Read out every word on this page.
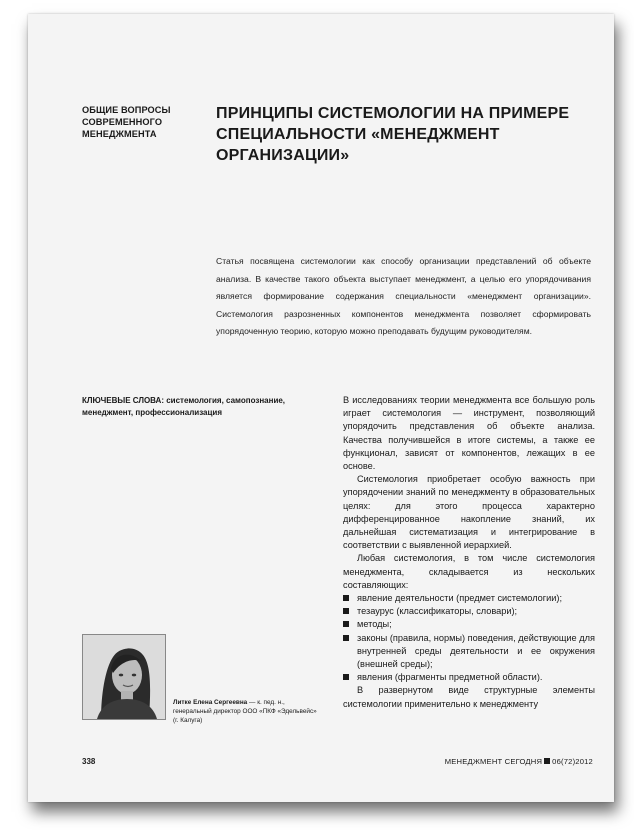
ОБЩИЕ ВОПРОСЫ СОВРЕМЕННОГО МЕНЕДЖМЕНТА
ПРИНЦИПЫ СИСТЕМОЛОГИИ НА ПРИМЕРЕ СПЕЦИАЛЬНОСТИ «МЕНЕДЖМЕНТ ОРГАНИЗАЦИИ»
Статья посвящена системологии как способу организации представлений об объекте анализа. В качестве такого объекта выступает менеджмент, а целью его упорядочивания является формирование содержания специальности «менеджмент организации». Системология разрозненных компонентов менеджмента позволяет сформировать упорядоченную теорию, которую можно преподавать будущим руководителям.
КЛЮЧЕВЫЕ СЛОВА: системология, самопознание, менеджмент, профессионализация

В исследованиях теории менеджмента все большую роль играет системология — инструмент, позволяющий упорядочить представления об объекте анализа. Качества получившейся в итоге системы, а также ее функционал, зависят от компонентов, лежащих в ее основе.

Системология приобретает особую важность при упорядочении знаний по менеджменту в образовательных целях: для этого процесса характерно дифференцированное накопление знаний, их дальнейшая систематизация и интегрирование в соответствии с выявленной иерархией.

Любая системология, в том числе системология менеджмента, складывается из нескольких составляющих:

явление деятельности (предмет системологии);
тезаурус (классификаторы, словари);
методы;
законы (правила, нормы) поведения, действующие для внутренней среды деятельности и ее окружения (внешней среды);
явления (фрагменты предметной области).

В развернутом виде структурные элементы системологии применительно к менеджменту

Литке Елена Сергеевна — к. пед. н., генеральный директор ООО «ПКФ «Эдельвейс» (г. Калуга)
338	МЕНЕДЖМЕНТ СЕГОДНЯ 06(72)2012
